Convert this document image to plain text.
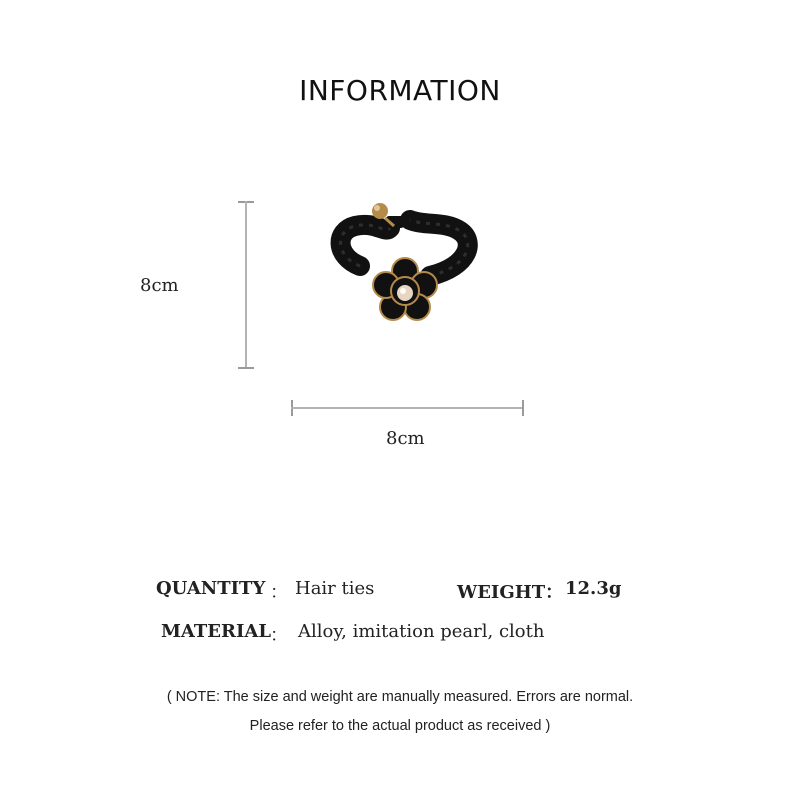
INFORMATION
8cm
8cm
QUANTITY ： Hair ties	WEIGHT： 12.3g
MATERIAL
： Alloy, imitation pearl, cloth
( NOTE: The size and weight are manually measured. Errors are normal.
Please refer to the actual product as received )
